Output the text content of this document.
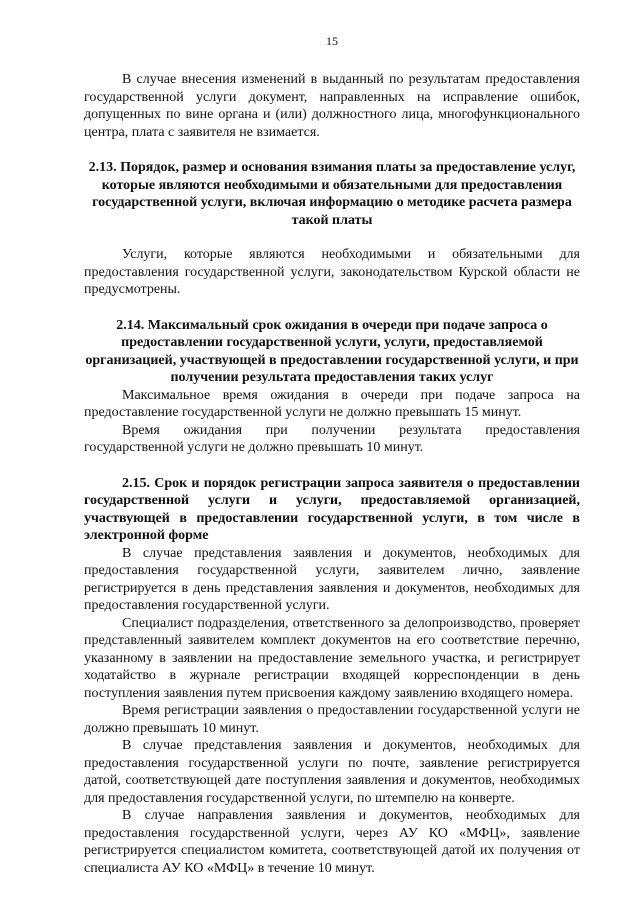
15

В случае внесения изменений в выданный по результатам предоставления государственной услуги документ, направленных на исправление ошибок, допущенных по вине органа и (или) должностного лица, многофункционального центра, плата с заявителя не взимается.

2.13. Порядок, размер и основания взимания платы за предоставление услуг, которые являются необходимыми и обязательными для предоставления государственной услуги, включая информацию о методике расчета размера такой платы

Услуги, которые являются необходимыми и обязательными для предоставления государственной услуги, законодательством Курской области не предусмотрены.

2.14. Максимальный срок ожидания в очереди при подаче запроса о предоставлении государственной услуги, услуги, предоставляемой организацией, участвующей в предоставлении государственной услуги, и при получении результата предоставления таких услуг

Максимальное время ожидания в очереди при подаче запроса на предоставление государственной услуги не должно превышать 15 минут.

Время ожидания при получении результата предоставления государственной услуги не должно превышать 10 минут.

2.15. Срок и порядок регистрации запроса заявителя о предоставлении государственной услуги и услуги, предоставляемой организацией, участвующей в предоставлении государственной услуги, в том числе в электронной форме

В случае представления заявления и документов, необходимых для предоставления государственной услуги, заявителем лично, заявление регистрируется в день представления заявления и документов, необходимых для предоставления государственной услуги.

Специалист подразделения, ответственного за делопроизводство, проверяет представленный заявителем комплект документов на его соответствие перечню, указанному в заявлении на предоставление земельного участка, и регистрирует ходатайство в журнале регистрации входящей корреспонденции в день поступления заявления путем присвоения каждому заявлению входящего номера.

Время регистрации заявления о предоставлении государственной услуги не должно превышать 10 минут.

В случае представления заявления и документов, необходимых для предоставления государственной услуги по почте, заявление регистрируется датой, соответствующей дате поступления заявления и документов, необходимых для предоставления государственной услуги, по штемпелю на конверте.

В случае направления заявления и документов, необходимых для предоставления государственной услуги, через АУ КО «МФЦ», заявление регистрируется специалистом комитета, соответствующей датой их получения от специалиста АУ КО «МФЦ» в течение 10 минут.
